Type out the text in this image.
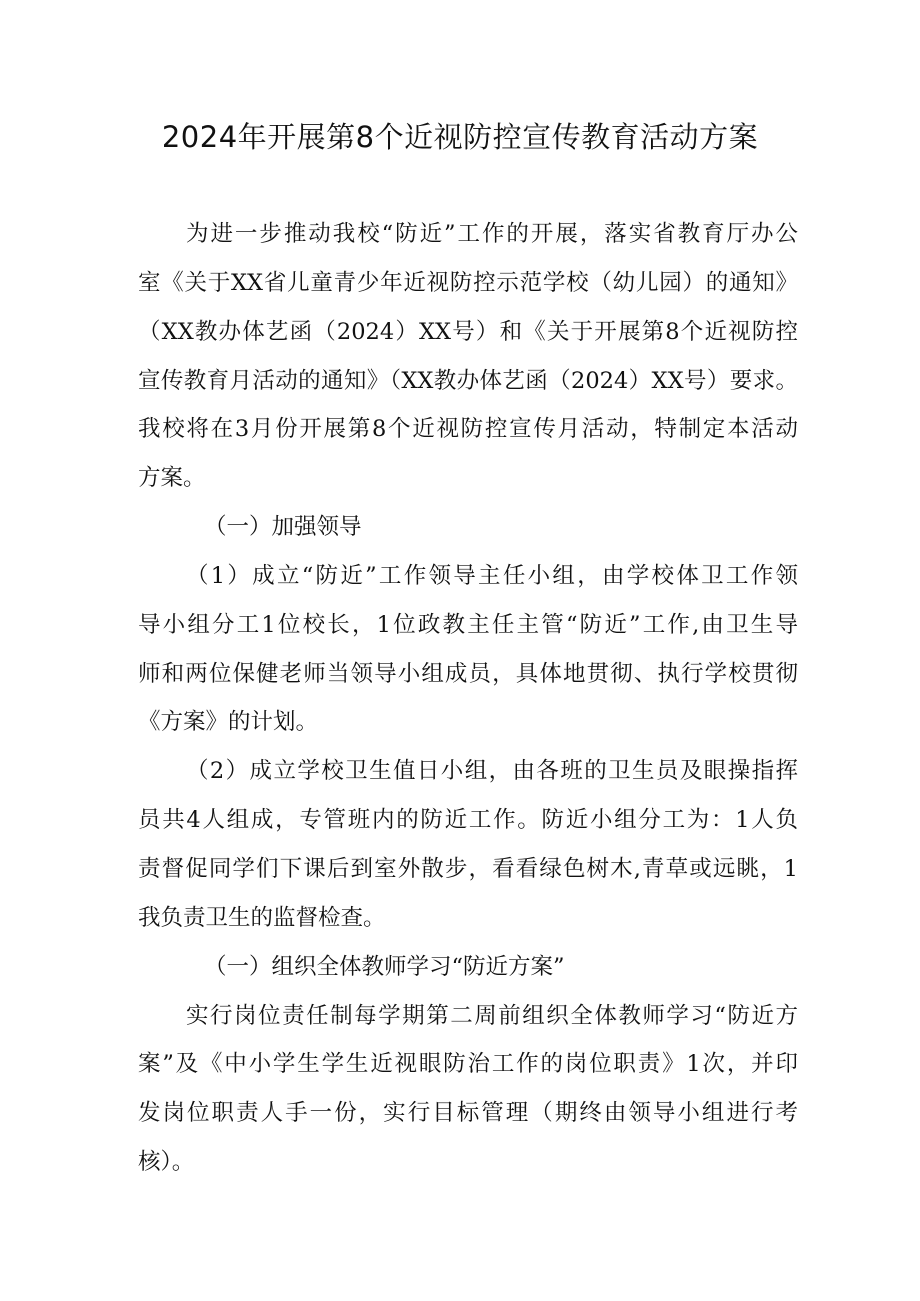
2024年开展第8个近视防控宣传教育活动方案
为进一步推动我校“防近”工作的开展，落实省教育厅办公
室《关于XX省儿童青少年近视防控示范学校（幼儿园）的通知》
（XX教办体艺函（2024）XX号）和《关于开展第8个近视防控
宣传教育月活动的通知》（XX教办体艺函（2024）XX号）要求。
我校将在3月份开展第8个近视防控宣传月活动，特制定本活动
方案。
（一）加强领导
（1）成立“防近”工作领导主任小组，由学校体卫工作领
导小组分工1位校长，1位政教主任主管“防近”工作,由卫生导
师和两位保健老师当领导小组成员，具体地贯彻、执行学校贯彻
《方案》的计划。
（2）成立学校卫生值日小组，由各班的卫生员及眼操指挥
员共4人组成，专管班内的防近工作。防近小组分工为：1人负
责督促同学们下课后到室外散步，看看绿色树木,青草或远眺，1
我负责卫生的监督检查。
（一）组织全体教师学习“防近方案”
实行岗位责任制每学期第二周前组织全体教师学习“防近方
案”及《中小学生学生近视眼防治工作的岗位职责》1次，并印
发岗位职责人手一份，实行目标管理（期终由领导小组进行考
核）。
